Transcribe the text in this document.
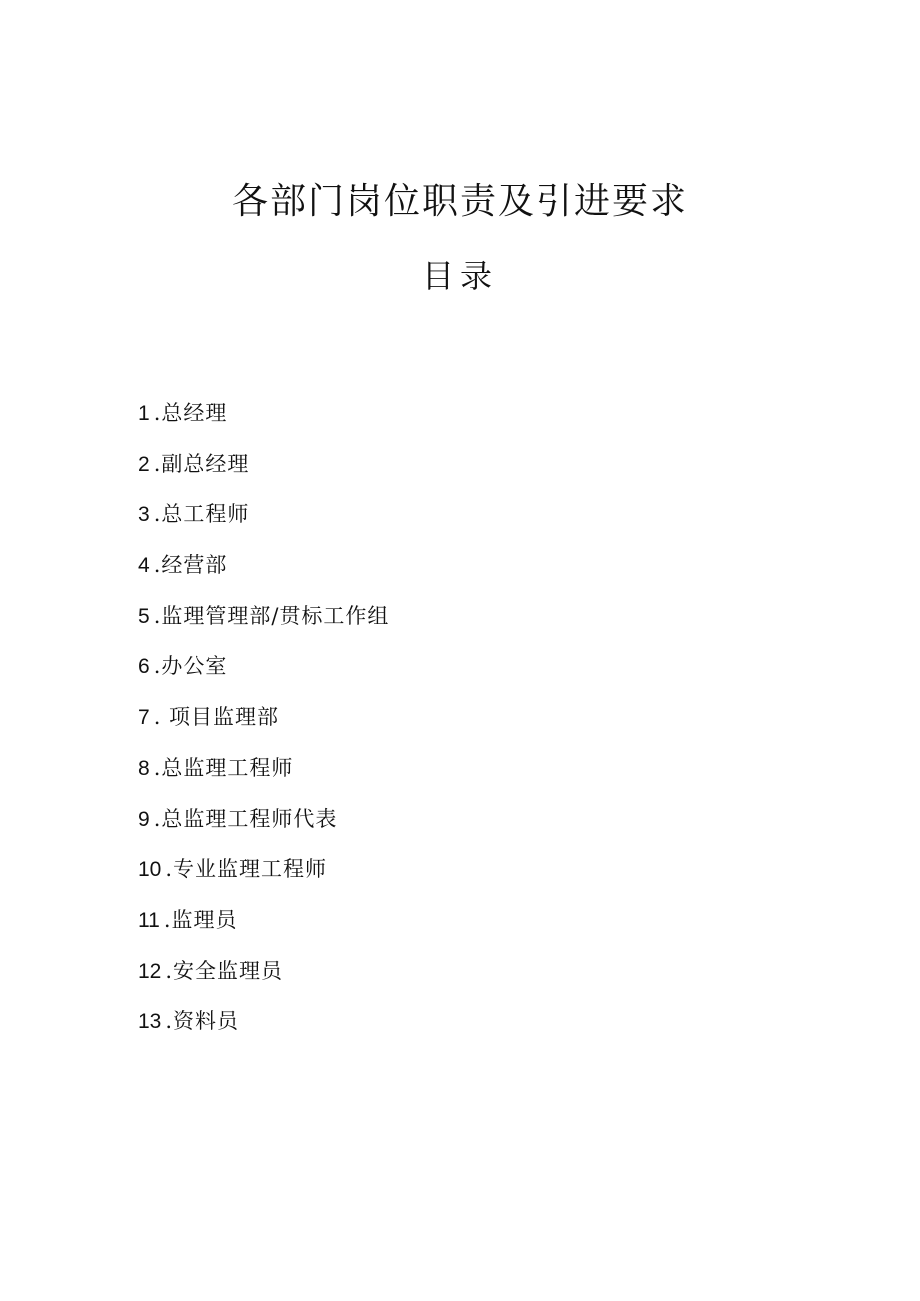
各部门岗位职责及引进要求
目录
1 .总经理
2 .副总经理
3 .总工程师
4 .经营部
5 .监理管理部/贯标工作组
6 .办公室
7 . 项目监理部
8 .总监理工程师
9 .总监理工程师代表
10 .专业监理工程师
11 .监理员
12 .安全监理员
13 .资料员
